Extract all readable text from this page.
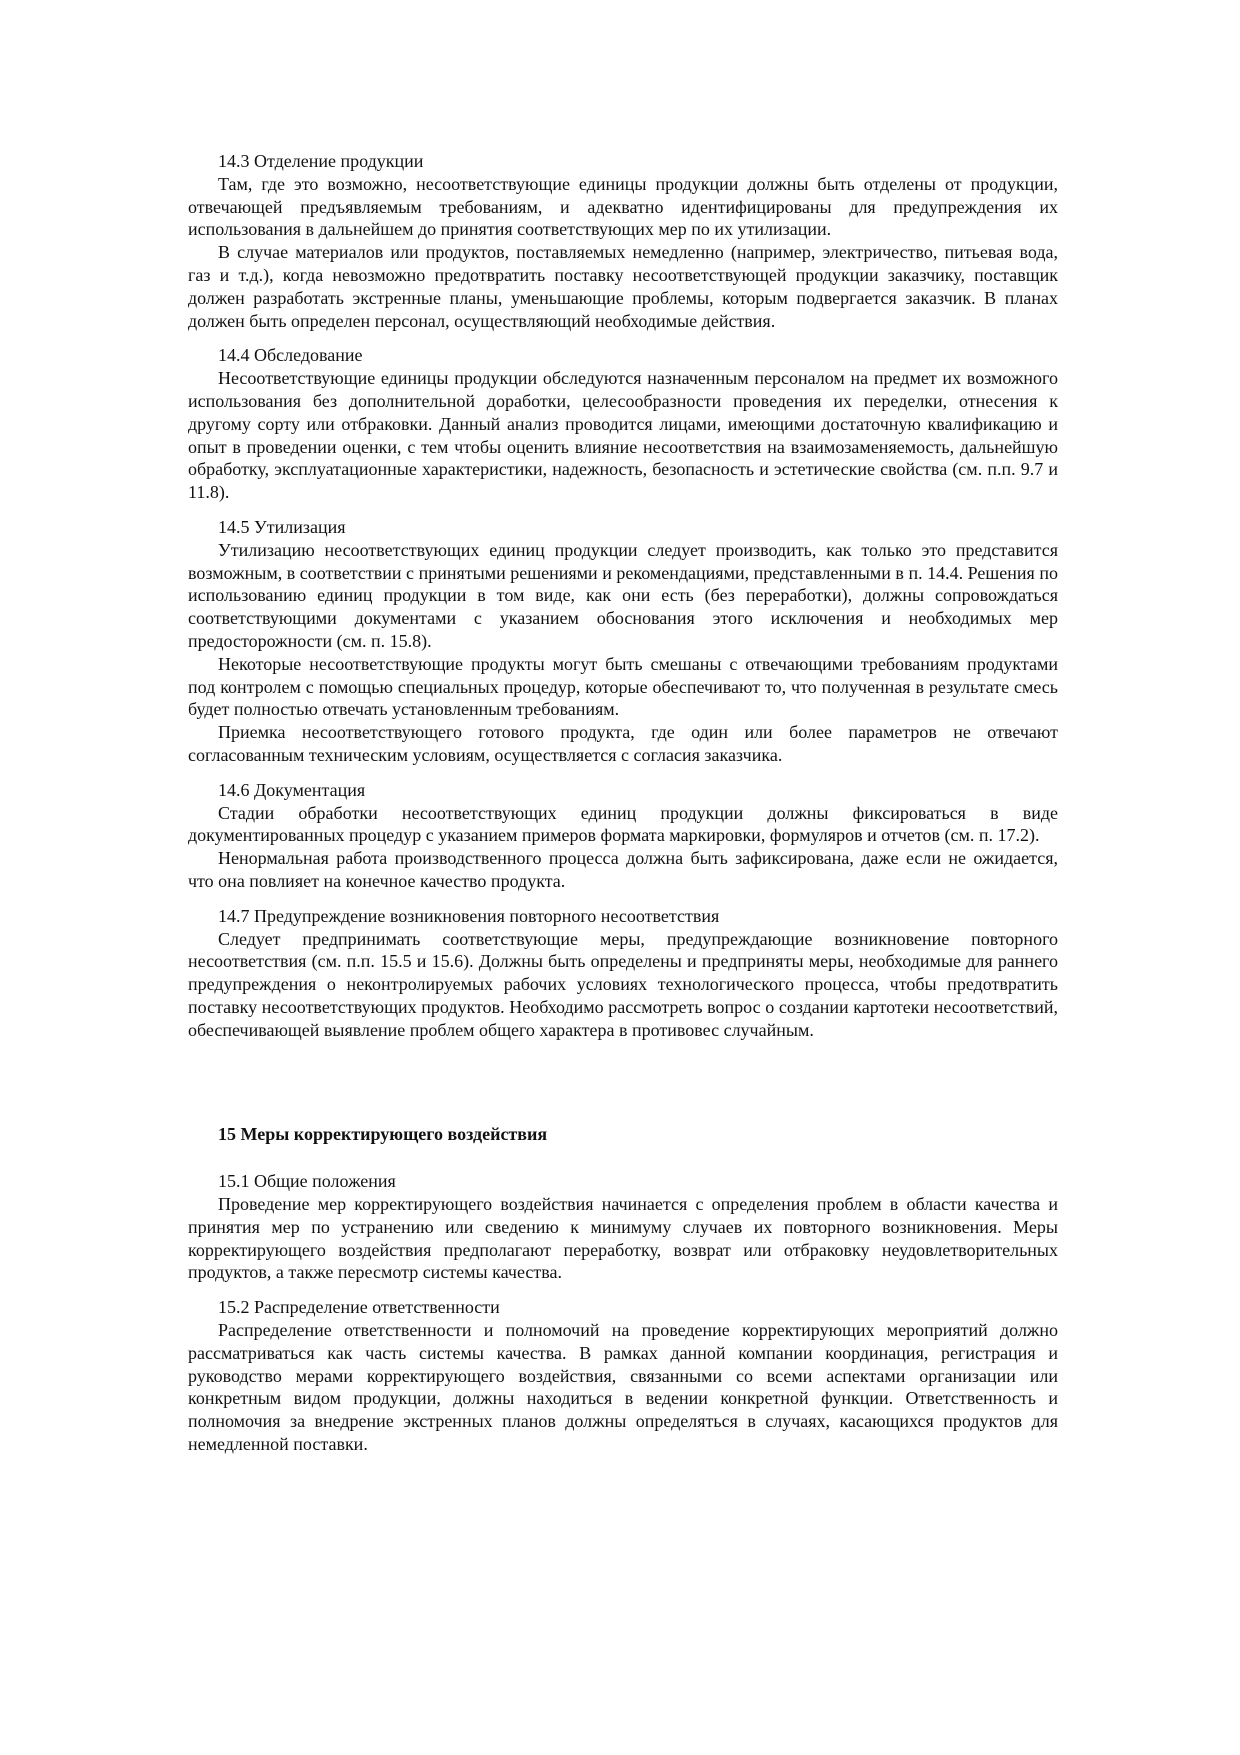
14.3 Отделение продукции

Там, где это возможно, несоответствующие единицы продукции должны быть отделены от продукции, отвечающей предъявляемым требованиям, и адекватно идентифицированы для предупреждения их использования в дальнейшем до принятия соответствующих мер по их утилизации.

В случае материалов или продуктов, поставляемых немедленно (например, электричество, питьевая вода, газ и т.д.), когда невозможно предотвратить поставку несоответствующей продукции заказчику, поставщик должен разработать экстренные планы, уменьшающие проблемы, которым подвергается заказчик. В планах должен быть определен персонал, осуществляющий необходимые действия.

14.4 Обследование

Несоответствующие единицы продукции обследуются назначенным персоналом на предмет их возможного использования без дополнительной доработки, целесообразности проведения их переделки, отнесения к другому сорту или отбраковки. Данный анализ проводится лицами, имеющими достаточную квалификацию и опыт в проведении оценки, с тем чтобы оценить влияние несоответствия на взаимозаменяемость, дальнейшую обработку, эксплуатационные характеристики, надежность, безопасность и эстетические свойства (см. п.п. 9.7 и 11.8).

14.5 Утилизация

Утилизацию несоответствующих единиц продукции следует производить, как только это представится возможным, в соответствии с принятыми решениями и рекомендациями, представленными в п. 14.4. Решения по использованию единиц продукции в том виде, как они есть (без переработки), должны сопровождаться соответствующими документами с указанием обоснования этого исключения и необходимых мер предосторожности (см. п. 15.8).

Некоторые несоответствующие продукты могут быть смешаны с отвечающими требованиям продуктами под контролем с помощью специальных процедур, которые обеспечивают то, что полученная в результате смесь будет полностью отвечать установленным требованиям.

Приемка несоответствующего готового продукта, где один или более параметров не отвечают согласованным техническим условиям, осуществляется с согласия заказчика.

14.6 Документация

Стадии обработки несоответствующих единиц продукции должны фиксироваться в виде документированных процедур с указанием примеров формата маркировки, формуляров и отчетов (см. п. 17.2).

Ненормальная работа производственного процесса должна быть зафиксирована, даже если не ожидается, что она повлияет на конечное качество продукта.

14.7 Предупреждение возникновения повторного несоответствия

Следует предпринимать соответствующие меры, предупреждающие возникновение повторного несоответствия (см. п.п. 15.5 и 15.6). Должны быть определены и предприняты меры, необходимые для раннего предупреждения о неконтролируемых рабочих условиях технологического процесса, чтобы предотвратить поставку несоответствующих продуктов. Необходимо рассмотреть вопрос о создании картотеки несоответствий, обеспечивающей выявление проблем общего характера в противовес случайным.

15 Меры корректирующего воздействия

15.1 Общие положения

Проведение мер корректирующего воздействия начинается с определения проблем в области качества и принятия мер по устранению или сведению к минимуму случаев их повторного возникновения. Меры корректирующего воздействия предполагают переработку, возврат или отбраковку неудовлетворительных продуктов, а также пересмотр системы качества.

15.2 Распределение ответственности

Распределение ответственности и полномочий на проведение корректирующих мероприятий должно рассматриваться как часть системы качества. В рамках данной компании координация, регистрация и руководство мерами корректирующего воздействия, связанными со всеми аспектами организации или конкретным видом продукции, должны находиться в ведении конкретной функции. Ответственность и полномочия за внедрение экстренных планов должны определяться в случаях, касающихся продуктов для немедленной поставки.
